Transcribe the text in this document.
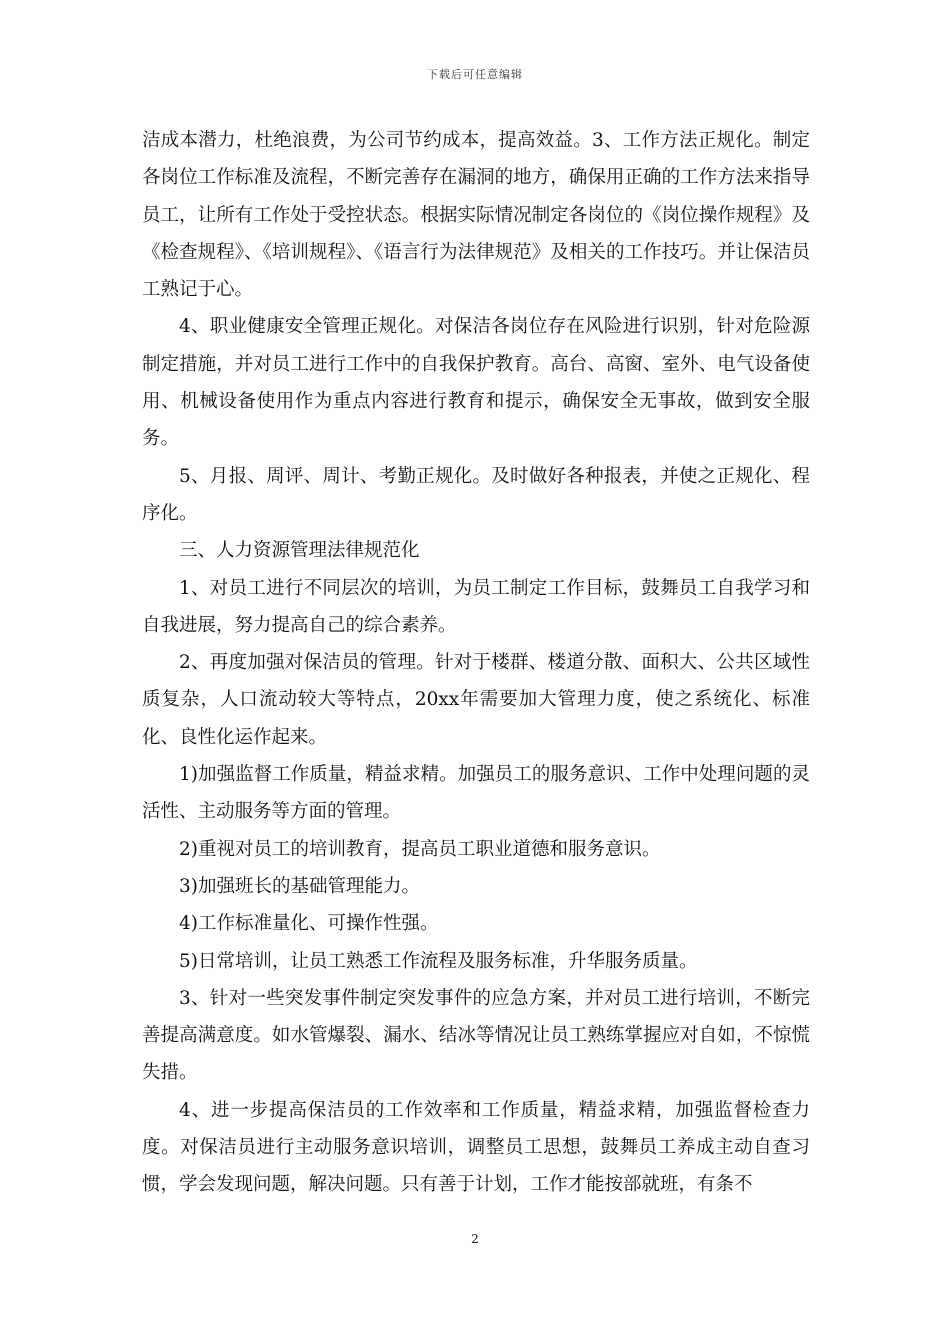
下载后可任意编辑

洁成本潜力，杜绝浪费，为公司节约成本，提高效益。3、工作方法正规化。制定各岗位工作标准及流程，不断完善存在漏洞的地方，确保用正确的工作方法来指导员工，让所有工作处于受控状态。根据实际情况制定各岗位的《岗位操作规程》及《检查规程》、《培训规程》、《语言行为法律规范》及相关的工作技巧。并让保洁员工熟记于心。

4、职业健康安全管理正规化。对保洁各岗位存在风险进行识别，针对危险源制定措施，并对员工进行工作中的自我保护教育。高台、高窗、室外、电气设备使用、机械设备使用作为重点内容进行教育和提示，确保安全无事故，做到安全服务。

5、月报、周评、周计、考勤正规化。及时做好各种报表，并使之正规化、程序化。

三、人力资源管理法律规范化

1、对员工进行不同层次的培训，为员工制定工作目标，鼓舞员工自我学习和自我进展，努力提高自己的综合素养。

2、再度加强对保洁员的管理。针对于楼群、楼道分散、面积大、公共区域性质复杂，人口流动较大等特点，20xx年需要加大管理力度，使之系统化、标准化、良性化运作起来。

1)加强监督工作质量，精益求精。加强员工的服务意识、工作中处理问题的灵活性、主动服务等方面的管理。

2)重视对员工的培训教育，提高员工职业道德和服务意识。

3)加强班长的基础管理能力。

4)工作标准量化、可操作性强。

5)日常培训，让员工熟悉工作流程及服务标准，升华服务质量。

3、针对一些突发事件制定突发事件的应急方案，并对员工进行培训，不断完善提高满意度。如水管爆裂、漏水、结冰等情况让员工熟练掌握应对自如，不惊慌失措。

4、进一步提高保洁员的工作效率和工作质量，精益求精，加强监督检查力度。对保洁员进行主动服务意识培训，调整员工思想，鼓舞员工养成主动自查习惯，学会发现问题，解决问题。只有善于计划，工作才能按部就班，有条不

2
